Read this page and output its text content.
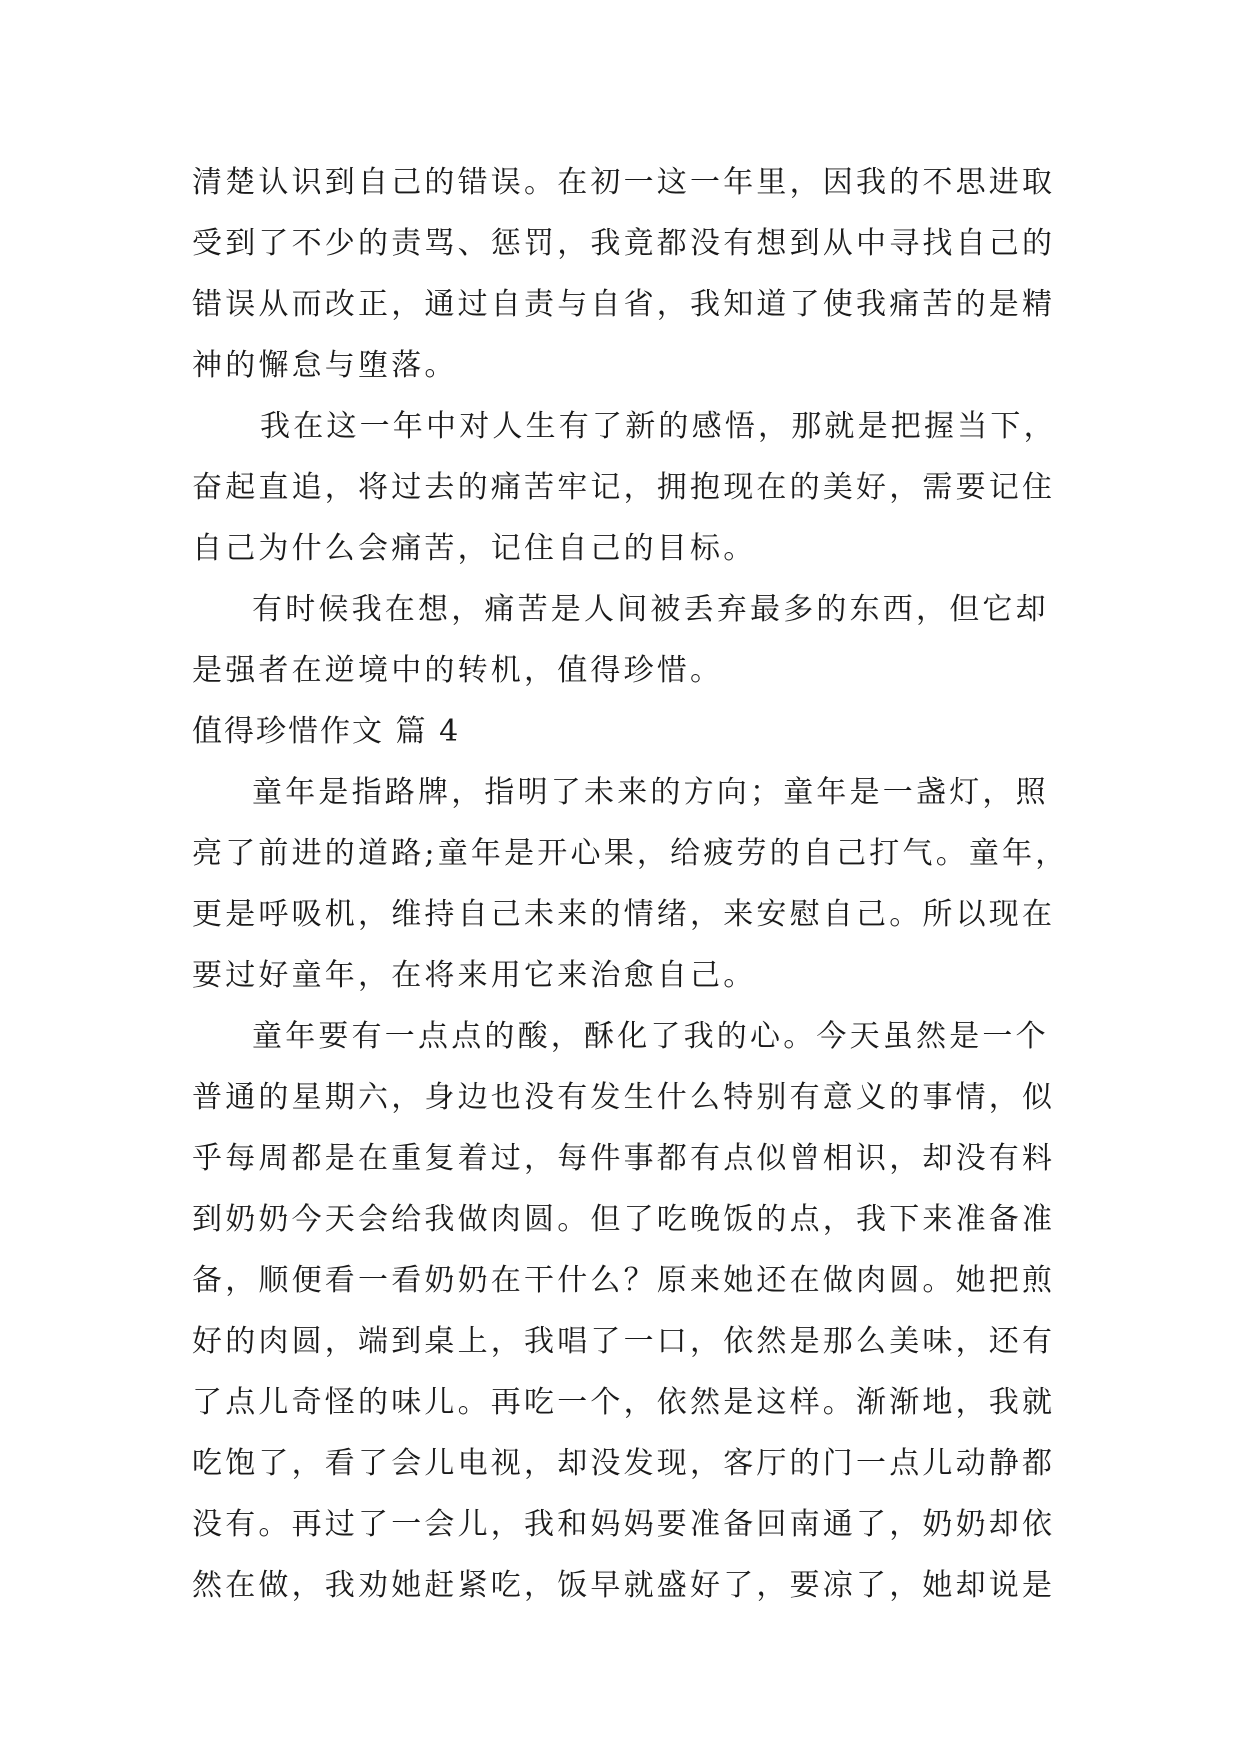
清楚认识到自己的错误。在初一这一年里，因我的不思进取
受到了不少的责骂、惩罚，我竟都没有想到从中寻找自己的
错误从而改正，通过自责与自省，我知道了使我痛苦的是精
神的懈怠与堕落。
我在这一年中对人生有了新的感悟，那就是把握当下，
奋起直追，将过去的痛苦牢记，拥抱现在的美好，需要记住
自己为什么会痛苦，记住自己的目标。
有时候我在想，痛苦是人间被丢弃最多的东西，但它却
是强者在逆境中的转机，值得珍惜。
值得珍惜作文 篇 4
童年是指路牌，指明了未来的方向；童年是一盏灯，照
亮了前进的道路;童年是开心果，给疲劳的自己打气。童年，
更是呼吸机，维持自己未来的情绪，来安慰自己。所以现在
要过好童年，在将来用它来治愈自己。
童年要有一点点的酸，酥化了我的心。今天虽然是一个
普通的星期六，身边也没有发生什么特别有意义的事情，似
乎每周都是在重复着过，每件事都有点似曾相识，却没有料
到奶奶今天会给我做肉圆。但了吃晚饭的点，我下来准备准
备，顺便看一看奶奶在干什么？原来她还在做肉圆。她把煎
好的肉圆，端到桌上，我唱了一口，依然是那么美味，还有
了点儿奇怪的味儿。再吃一个，依然是这样。渐渐地，我就
吃饱了，看了会儿电视，却没发现，客厅的门一点儿动静都
没有。再过了一会儿，我和妈妈要准备回南通了，奶奶却依
然在做，我劝她赶紧吃，饭早就盛好了，要凉了，她却说是
